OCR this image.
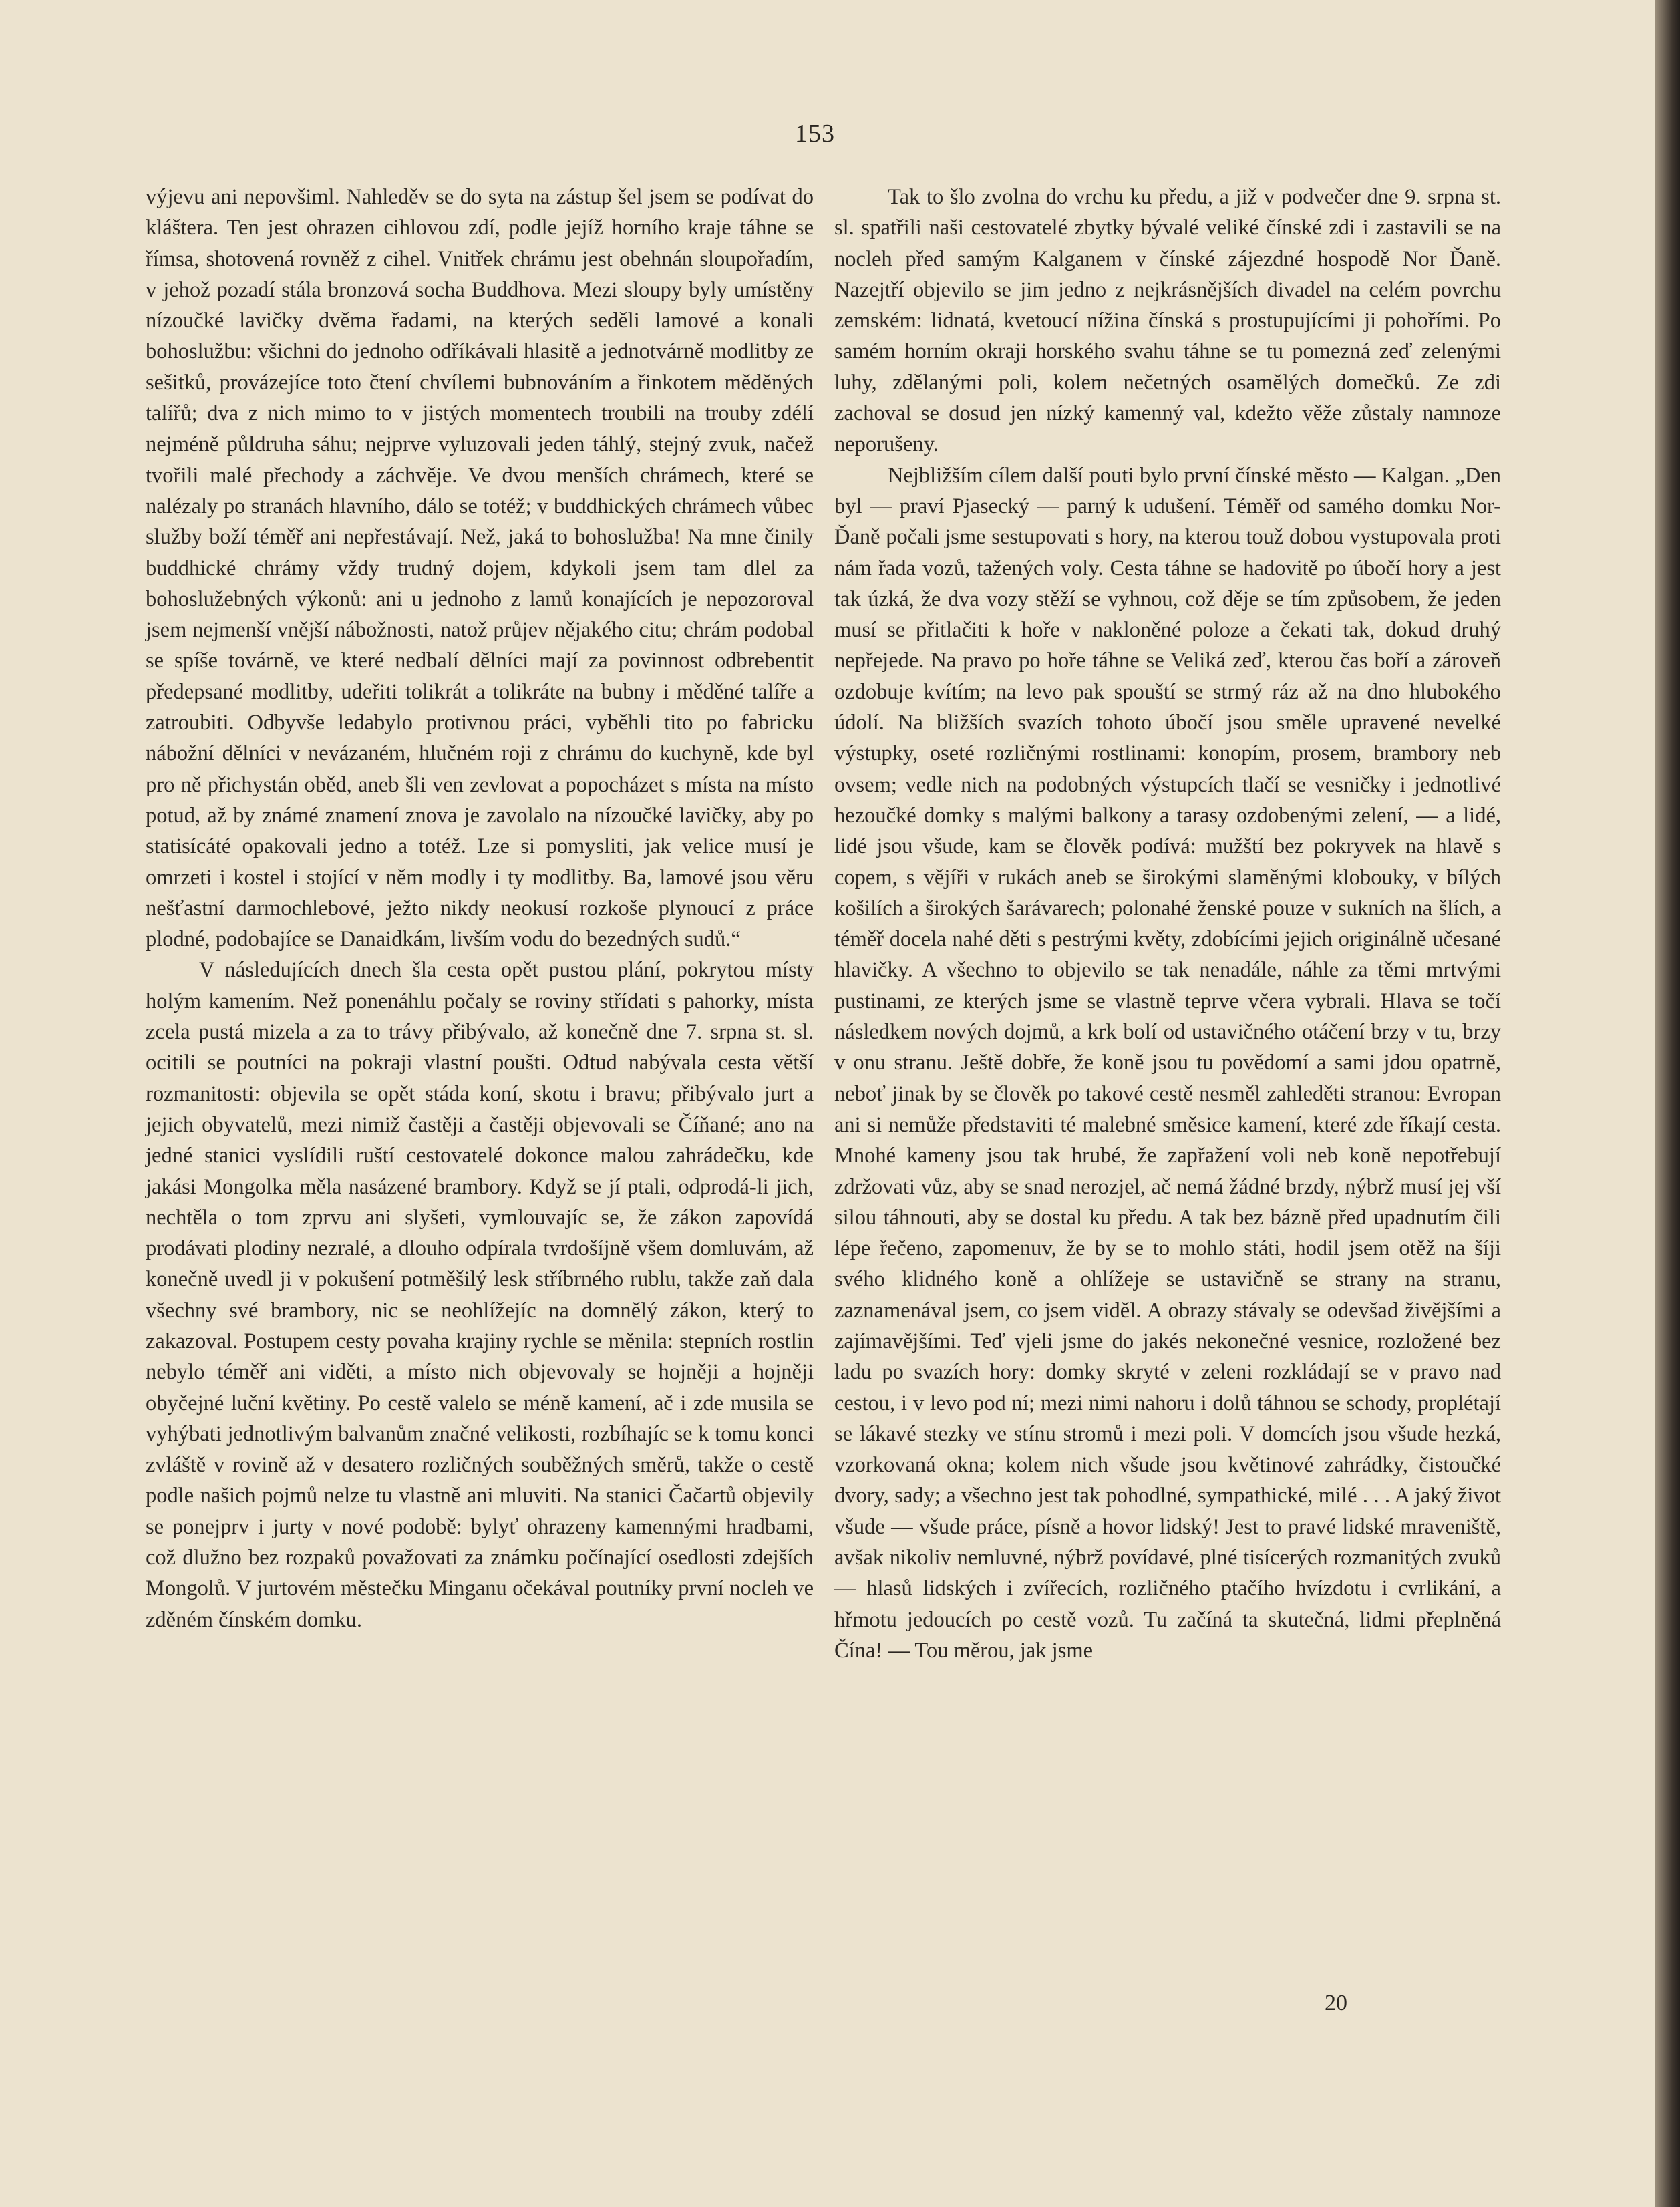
153

výjevu ani nepovšiml. Nahleděv se do syta na zástup šel jsem se podívat do kláštera. Ten jest ohrazen cihlovou zdí, podle jejíž horního kraje táhne se římsa, shotovená rovněž z cihel. Vnitřek chrámu jest obehnán sloupořadím, v jehož pozadí stála bronzová socha Buddhova. Mezi sloupy byly umístěny nízoučké lavičky dvěma řadami, na kterých seděli lamové a konali bohoslužbu: všichni do jednoho odříkávali hlasitě a jednotvárně modlitby ze sešitků, provázejíce toto čtení chvílemi bubnováním a řinkotem měděných talířů; dva z nich mimo to v jistých momentech troubili na trouby zdélí nejméně půldruha sáhu; nejprve vyluzovali jeden táhlý, stejný zvuk, načež tvořili malé přechody a záchvěje. Ve dvou menších chrámech, které se nalézaly po stranách hlavního, dálo se totéž; v buddhických chrámech vůbec služby boží téměř ani nepřestávají. Než, jaká to bohoslužba! Na mne činily buddhické chrámy vždy trudný dojem, kdykoli jsem tam dlel za bohoslužebných výkonů: ani u jednoho z lamů konajících je nepozoroval jsem nejmenší vnější nábožnosti, natož průjev nějakého citu; chrám podobal se spíše továrně, ve které nedbalí dělníci mají za povinnost odbrebentit předepsané modlitby, udeřiti tolikrát a tolikráte na bubny i měděné talíře a zatroubiti. Odbyvše ledabylo protivnou práci, vyběhli tito po fabricku nábožní dělníci v nevázaném, hlučném roji z chrámu do kuchyně, kde byl pro ně přichystán oběd, aneb šli ven zevlovat a popocházet s místa na místo potud, až by známé znamení znova je zavolalo na nízoučké lavičky, aby po statisícáté opakovali jedno a totéž. Lze si pomysliti, jak velice musí je omrzeti i kostel i stojící v něm modly i ty modlitby. Ba, lamové jsou věru nešťastní darmochlebové, ježto nikdy neokusí rozkoše plynoucí z práce plodné, podobajíce se Danaidkám, livším vodu do bezedných sudů.“

V následujících dnech šla cesta opět pustou plání, pokrytou místy holým kamením. Než ponenáhlu počaly se roviny střídati s pahorky, místa zcela pustá mizela a za to trávy přibývalo, až konečně dne 7. srpna st. sl. ocitili se poutníci na pokraji vlastní poušti. Odtud nabývala cesta větší rozmanitosti: objevila se opět stáda koní, skotu i bravu; přibývalo jurt a jejich obyvatelů, mezi nimiž častěji a častěji objevovali se Číňané; ano na jedné stanici vyslídili ruští cestovatelé dokonce malou zahrádečku, kde jakási Mongolka měla nasázené brambory. Když se jí ptali, odprodá-li jich, nechtěla o tom zprvu ani slyšeti, vymlouvajíc se, že zákon zapovídá prodávati plodiny nezralé, a dlouho odpírala tvrdošíjně všem domluvám, až konečně uvedl ji v pokušení potměšilý lesk stříbrného rublu, takže zaň dala všechny své brambory, nic se neohlížejíc na domnělý zákon, který to zakazoval. Postupem cesty povaha krajiny rychle se měnila: stepních rostlin nebylo téměř ani viděti, a místo nich objevovaly se hojněji a hojněji obyčejné luční květiny. Po cestě valelo se méně kamení, ač i zde musila se vyhýbati jednotlivým balvanům značné velikosti, rozbíhajíc se k tomu konci zvláště v rovině až v desatero rozličných souběžných směrů, takže o cestě podle našich pojmů nelze tu vlastně ani mluviti. Na stanici Čačartů objevily se ponejprv i jurty v nové podobě: bylyť ohrazeny kamennými hradbami, což dlužno bez rozpaků považovati za známku počínající osedlosti zdejších Mongolů. V jurtovém městečku Minganu očekával poutníky první nocleh ve zděném čínském domku.

Tak to šlo zvolna do vrchu ku předu, a již v podvečer dne 9. srpna st. sl. spatřili naši cestovatelé zbytky bývalé veliké čínské zdi i zastavili se na nocleh před samým Kalganem v čínské zájezdné hospodě Nor Ďaně. Nazejtří objevilo se jim jedno z nejkrásnějších divadel na celém povrchu zemském: lidnatá, kvetoucí nížina čínská s prostupujícími ji pohořími. Po samém horním okraji horského svahu táhne se tu pomezná zeď zelenými luhy, zdělanými poli, kolem nečetných osamělých domečků. Ze zdi zachoval se dosud jen nízký kamenný val, kdežto věže zůstaly namnoze neporušeny.

Nejbližším cílem další pouti bylo první čínské město — Kalgan. „Den byl — praví Pjasecký — parný k udušení. Téměř od samého domku Nor-Ďaně počali jsme sestupovati s hory, na kterou touž dobou vystupovala proti nám řada vozů, tažených voly. Cesta táhne se hadovitě po úbočí hory a jest tak úzká, že dva vozy stěží se vyhnou, což děje se tím způsobem, že jeden musí se přitlačiti k hoře v nakloněné poloze a čekati tak, dokud druhý nepřejede. Na pravo po hoře táhne se Veliká zeď, kterou čas boří a zároveň ozdobuje kvítím; na levo pak spouští se strmý ráz až na dno hlubokého údolí. Na bližších svazích tohoto úbočí jsou směle upravené nevelké výstupky, oseté rozličnými rostlinami: konopím, prosem, brambory neb ovsem; vedle nich na podobných výstupcích tlačí se vesničky i jednotlivé hezoučké domky s malými balkony a tarasy ozdobenými zelení, — a lidé, lidé jsou všude, kam se člověk podívá: mužští bez pokryvek na hlavě s copem, s vějíři v rukách aneb se širokými slaměnými klobouky, v bílých košilích a širokých šarávarech; polonahé ženské pouze v sukních na šlích, a téměř docela nahé děti s pestrými květy, zdobícími jejich originálně učesané hlavičky. A všechno to objevilo se tak nenadále, náhle za těmi mrtvými pustinami, ze kterých jsme se vlastně teprve včera vybrali. Hlava se točí následkem nových dojmů, a krk bolí od ustavičného otáčení brzy v tu, brzy v onu stranu. Ještě dobře, že koně jsou tu povědomí a sami jdou opatrně, neboť jinak by se člověk po takové cestě nesměl zahleděti stranou: Evropan ani si nemůže představiti té malebné směsice kamení, které zde říkají cesta. Mnohé kameny jsou tak hrubé, že zapřažení voli neb koně nepotřebují zdržovati vůz, aby se snad nerozjel, ač nemá žádné brzdy, nýbrž musí jej vší silou táhnouti, aby se dostal ku předu. A tak bez bázně před upadnutím čili lépe řečeno, zapomenuv, že by se to mohlo státi, hodil jsem otěž na šíji svého klidného koně a ohlížeje se ustavičně se strany na stranu, zaznamenával jsem, co jsem viděl. A obrazy stávaly se odevšad živějšími a zajímavějšími. Teď vjeli jsme do jakés nekonečné vesnice, rozložené bez ladu po svazích hory: domky skryté v zeleni rozkládají se v pravo nad cestou, i v levo pod ní; mezi nimi nahoru i dolů táhnou se schody, proplétají se lákavé stezky ve stínu stromů i mezi poli. V domcích jsou všude hezká, vzorkovaná okna; kolem nich všude jsou květinové zahrádky, čistoučké dvory, sady; a všechno jest tak pohodlné, sympathické, milé . . . A jaký život všude — všude práce, písně a hovor lidský! Jest to pravé lidské mraveniště, avšak nikoliv nemluvné, nýbrž povídavé, plné tisícerých rozmanitých zvuků — hlasů lidských i zvířecích, rozličného ptačího hvízdotu i cvrlikání, a hřmotu jedoucích po cestě vozů. Tu začíná ta skutečná, lidmi přeplněná Čína! — Tou měrou, jak jsme

20
